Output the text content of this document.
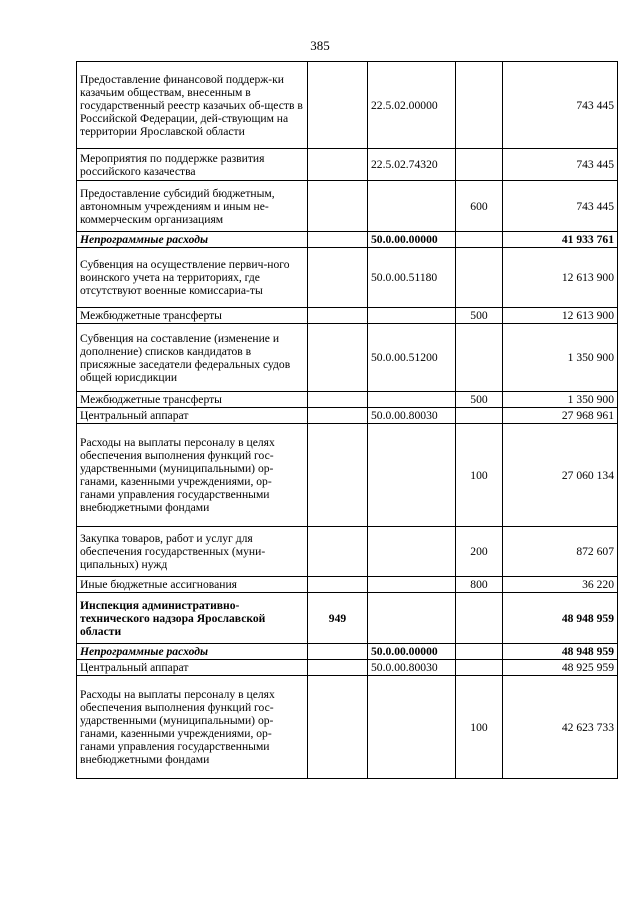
385
Предоставление финансовой поддерж-ки казачьим обществам, внесенным в государственный реестр казачьих об-ществ в Российской Федерации, дей-ствующим на территории Ярославской области		22.5.02.00000		743 445
Мероприятия по поддержке развития российского казачества		22.5.02.74320		743 445
Предоставление субсидий бюджетным, автономным учреждениям и иным не-коммерческим организациям			600	743 445
Непрограммные расходы		50.0.00.00000		41 933 761
Субвенция на осуществление первич-ного воинского учета на территориях, где отсутствуют военные комиссариа-ты		50.0.00.51180		12 613 900
Межбюджетные трансферты			500	12 613 900
Субвенция на составление (изменение и дополнение) списков кандидатов в присяжные заседатели федеральных судов общей юрисдикции		50.0.00.51200		1 350 900
Межбюджетные трансферты			500	1 350 900
Центральный аппарат		50.0.00.80030		27 968 961
Расходы на выплаты персоналу в целях обеспечения выполнения функций гос-ударственными (муниципальными) ор-ганами, казенными учреждениями, ор-ганами управления государственными внебюджетными фондами			100	27 060 134
Закупка товаров, работ и услуг для обеспечения государственных (муни-ципальных) нужд			200	872 607
Иные бюджетные ассигнования			800	36 220
Инспекция административно-технического надзора Ярославской области	949			48 948 959
Непрограммные расходы		50.0.00.00000		48 948 959
Центральный аппарат		50.0.00.80030		48 925 959
Расходы на выплаты персоналу в целях обеспечения выполнения функций гос-ударственными (муниципальными) ор-ганами, казенными учреждениями, ор-ганами управления государственными внебюджетными фондами			100	42 623 733
